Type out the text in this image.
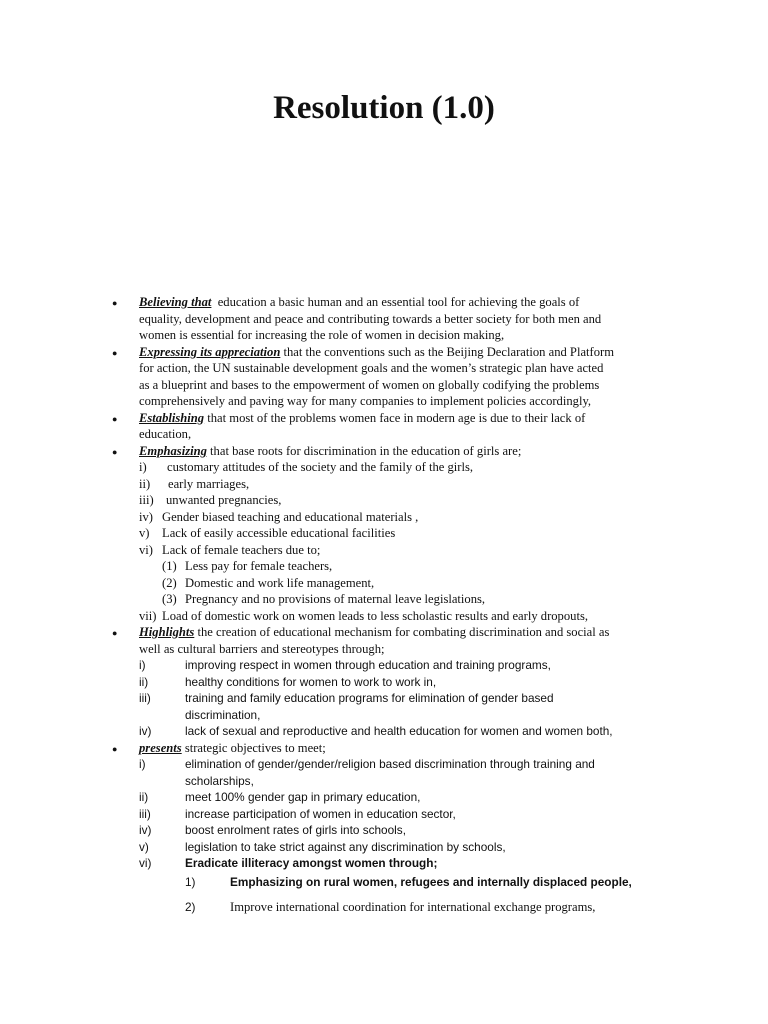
Resolution (1.0)
●
Believing that  education a basic human and an essential tool for achieving the goals of
equality, development and peace and contributing towards a better society for both men and
women is essential for increasing the role of women in decision making,
●
Expressing its appreciation that the conventions such as the Beijing Declaration and Platform
for action, the UN sustainable development goals and the women’s strategic plan have acted
as a blueprint and bases to the empowerment of women on globally codifying the problems
comprehensively and paving way for many companies to implement policies accordingly,
●
Establishing that most of the problems women face in modern age is due to their lack of
education,
●
Emphasizing that base roots for discrimination in the education of girls are;
i) customary attitudes of the society and the family of the girls,
ii) early marriages,
iii) unwanted pregnancies,
iv) Gender biased teaching and educational materials ,
v) Lack of easily accessible educational facilities
vi) Lack of female teachers due to;
(1) Less pay for female teachers,
(2) Domestic and work life management,
(3) Pregnancy and no provisions of maternal leave legislations,
vii) Load of domestic work on women leads to less scholastic results and early dropouts,
●
Highlights the creation of educational mechanism for combating discrimination and social as
well as cultural barriers and stereotypes through;
i)	improving respect in women through education and training programs,
ii)	healthy conditions for women to work to work in,
iii)	training and family education programs for elimination of gender based
discrimination,
iv)	lack of sexual and reproductive and health education for women and women both,
●
presents strategic objectives to meet;
i)	elimination of gender/gender/religion based discrimination through training and
scholarships,
ii)	meet 100% gender gap in primary education,
iii)	increase participation of women in education sector,
iv)	boost enrolment rates of girls into schools,
v)	legislation to take strict against any discrimination by schools,
vi)	Eradicate illiteracy amongst women through;
1)	Emphasizing on rural women, refugees and internally displaced people,
2)	Improve international coordination for international exchange programs,
